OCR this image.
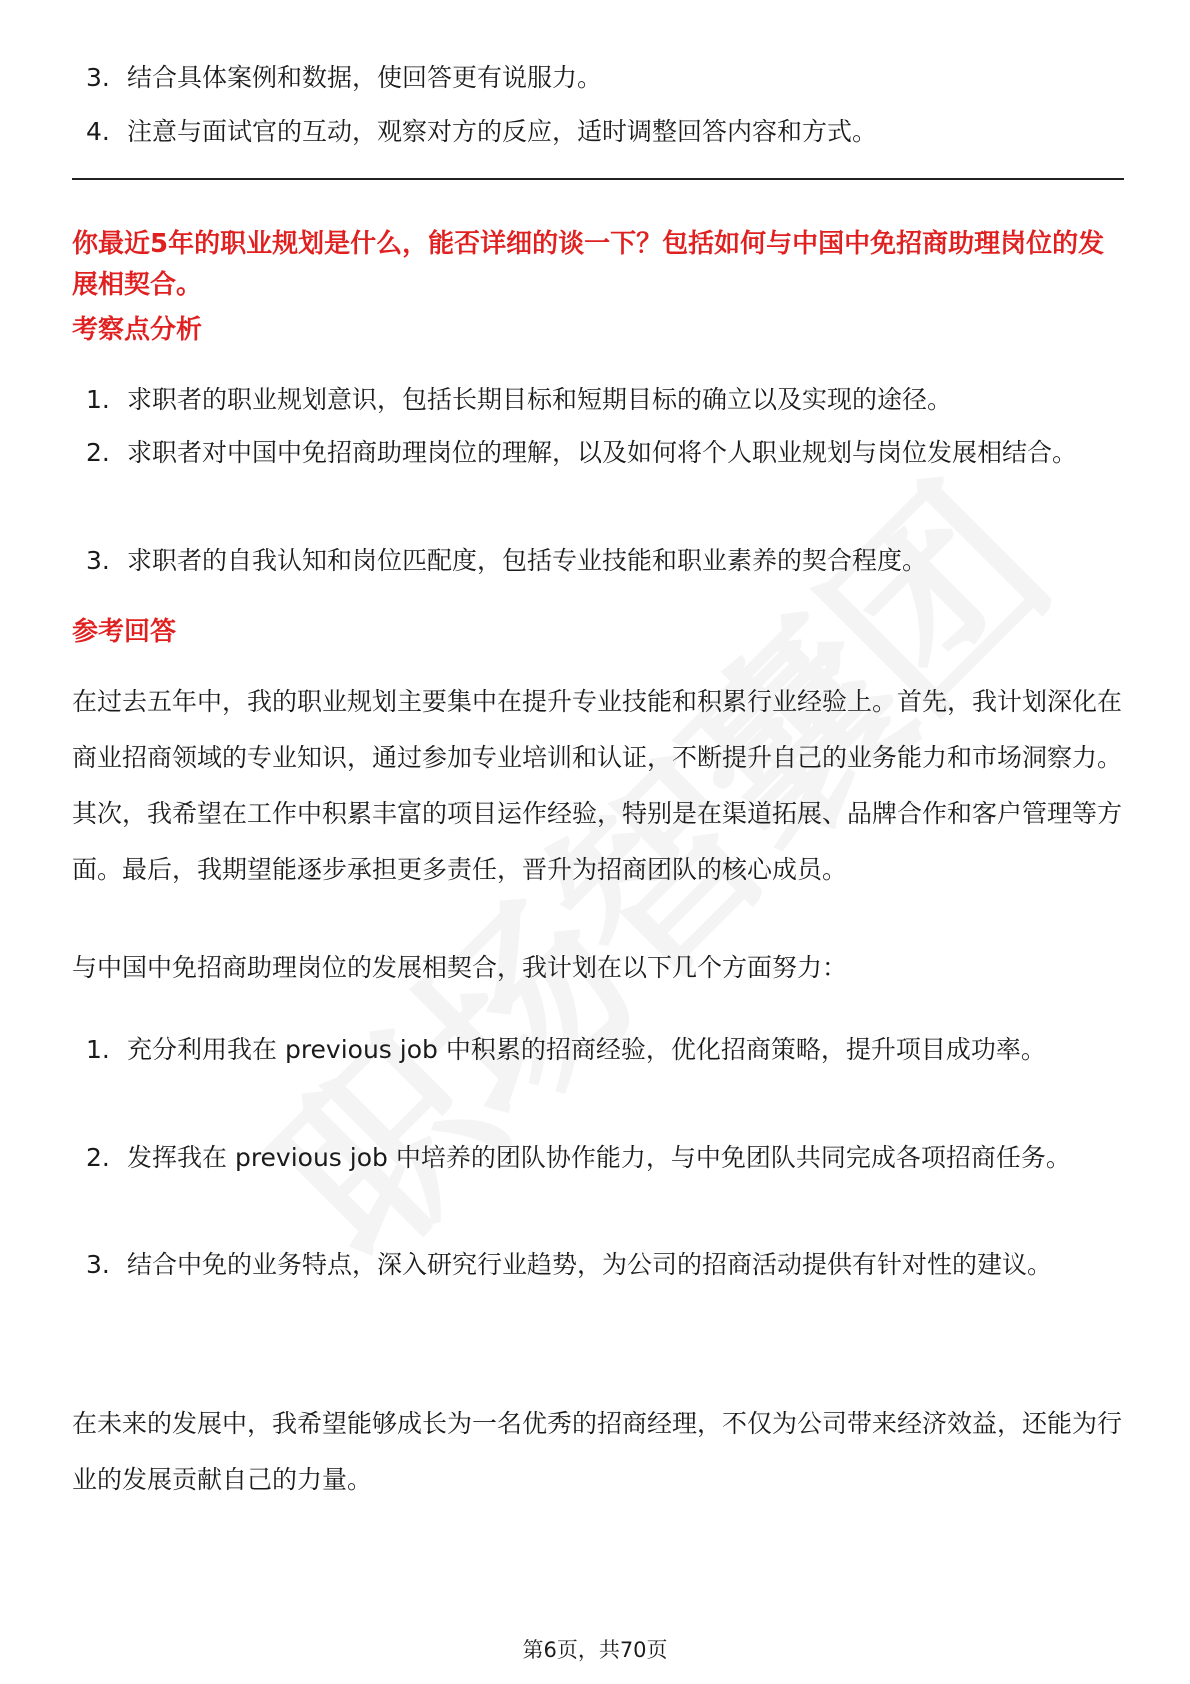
3. 结合具体案例和数据，使回答更有说服力。
4. 注意与面试官的互动，观察对方的反应，适时调整回答内容和方式。
你最近5年的职业规划是什么，能否详细的谈一下？包括如何与中国中免招商助理岗位的发展相契合。
考察点分析
1. 求职者的职业规划意识，包括长期目标和短期目标的确立以及实现的途径。
2. 求职者对中国中免招商助理岗位的理解，以及如何将个人职业规划与岗位发展相结合。
3. 求职者的自我认知和岗位匹配度，包括专业技能和职业素养的契合程度。
参考回答
在过去五年中，我的职业规划主要集中在提升专业技能和积累行业经验上。首先，我计划深化在商业招商领域的专业知识，通过参加专业培训和认证，不断提升自己的业务能力和市场洞察力。其次，我希望在工作中积累丰富的项目运作经验，特别是在渠道拓展、品牌合作和客户管理等方面。最后，我期望能逐步承担更多责任，晋升为招商团队的核心成员。
与中国中免招商助理岗位的发展相契合，我计划在以下几个方面努力：
1. 充分利用我在 previous job 中积累的招商经验，优化招商策略，提升项目成功率。
2. 发挥我在 previous job 中培养的团队协作能力，与中免团队共同完成各项招商任务。
3. 结合中免的业务特点，深入研究行业趋势，为公司的招商活动提供有针对性的建议。
在未来的发展中，我希望能够成长为一名优秀的招商经理，不仅为公司带来经济效益，还能为行业的发展贡献自己的力量。
第6页，共70页
